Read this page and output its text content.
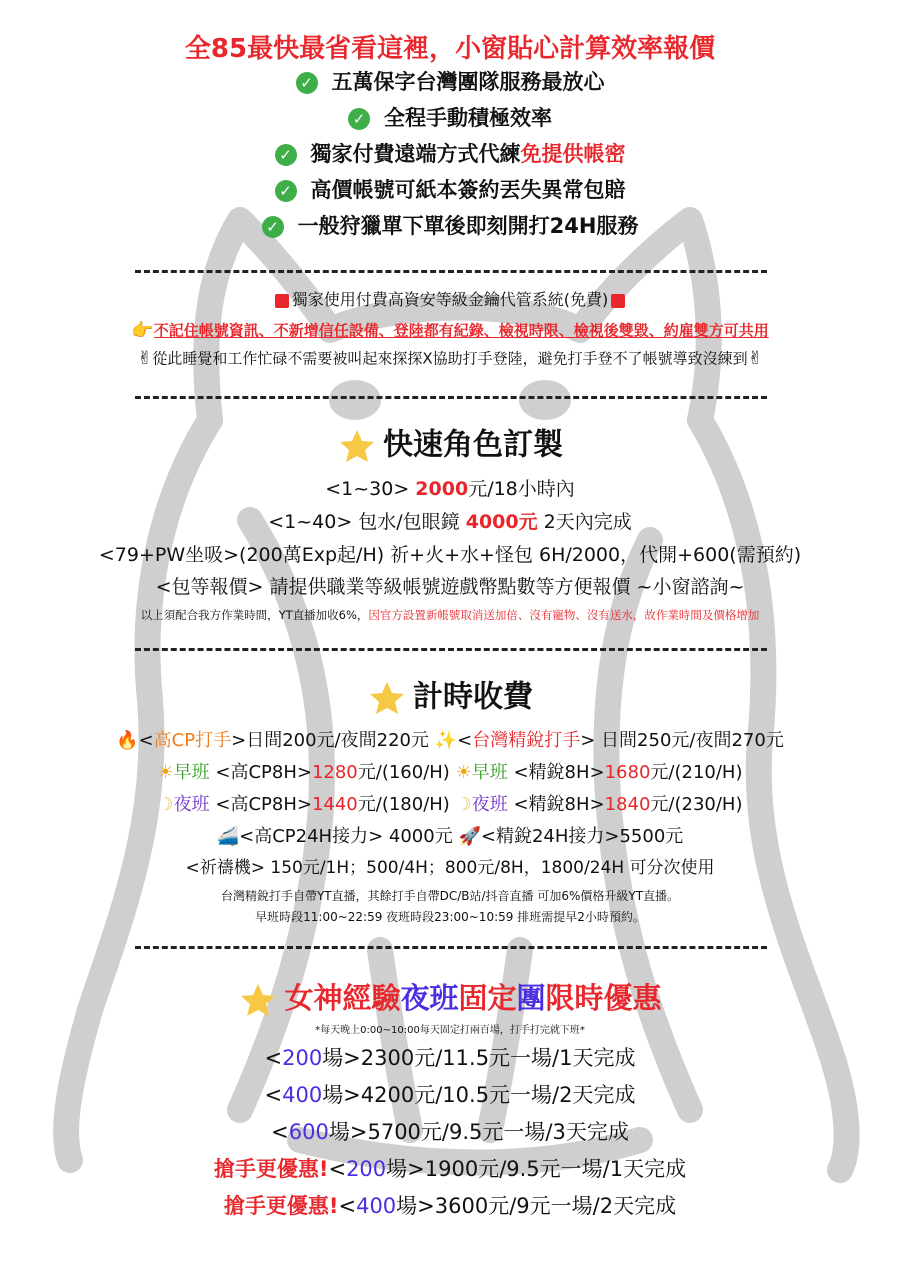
全85最快最省看這裡，小窗貼心計算效率報價
✓ 五萬保字台灣團隊服務最放心
✓ 全程手動積極效率
✓ 獨家付費遠端方式代練免提供帳密
✓ 高價帳號可紙本簽約丟失異常包賠
✓ 一般狩獵單下單後即刻開打24H服務
獨家使用付費高資安等級金鑰代管系統(免費)
👉不記住帳號資訊、不新增信任設備、登陸都有紀錄、檢視時限、檢視後雙毀、約雇雙方可共用
✌從此睡覺和工作忙碌不需要被叫起來探探X協助打手登陸，避免打手登不了帳號導致沒練到✌
快速角色訂製
<1~30> 2000元/18小時內
<1~40> 包水/包眼鏡 4000元 2天內完成
<79+PW坐吸>(200萬Exp起/H) 祈+火+水+怪包 6H/2000，代開+600(需預約)
<包等報價> 請提供職業等級帳號遊戲幣點數等方便報價 ~小窗諮詢~
以上須配合我方作業時間，YT直播加收6%，因官方設置新帳號取消送加倍、沒有寵物、沒有送水，故作業時間及價格增加
計時收費
🔥<高CP打手>日間200元/夜間220元 ✨<台灣精銳打手> 日間250元/夜間270元
☀早班 <高CP8H>1280元/(160/H) ☀早班 <精銳8H>1680元/(210/H)
☽夜班 <高CP8H>1440元/(180/H) ☽夜班 <精銳8H>1840元/(230/H)
🚄<高CP24H接力> 4000元 🚀<精銳24H接力>5500元
<祈禱機> 150元/1H；500/4H；800元/8H，1800/24H 可分次使用
台灣精銳打手自帶YT直播，其餘打手自帶DC/B站/抖音直播 可加6%價格升級YT直播。
早班時段11:00~22:59 夜班時段23:00~10:59 排班需提早2小時預約。
女神經驗夜班固定團限時優惠
*每天晚上0:00~10:00每天固定打兩百場，打手打完就下班*
<200場>2300元/11.5元一場/1天完成
<400場>4200元/10.5元一場/2天完成
<600場>5700元/9.5元一場/3天完成
搶手更優惠!<200場>1900元/9.5元一場/1天完成
搶手更優惠!<400場>3600元/9元一場/2天完成
